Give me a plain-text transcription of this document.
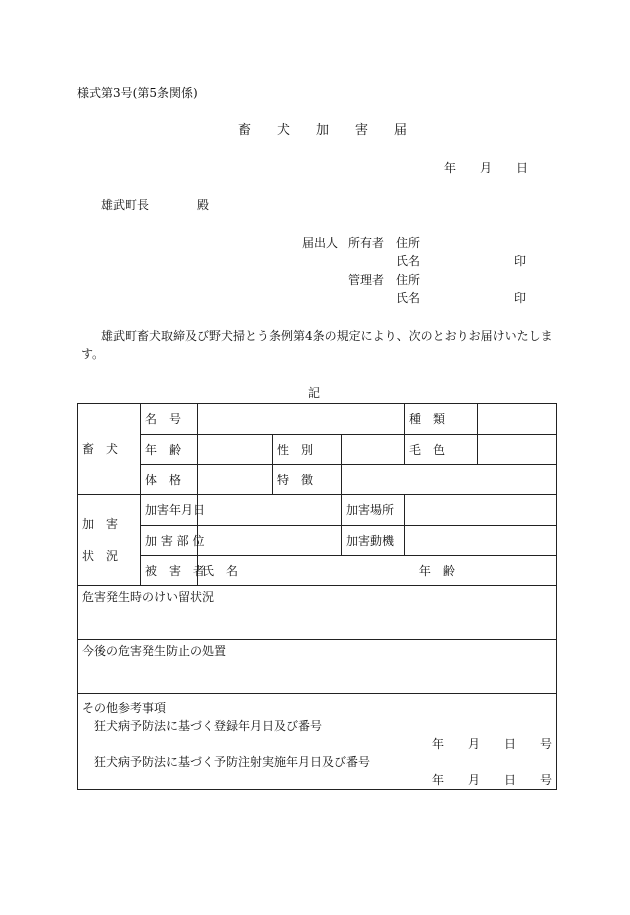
様式第3号(第5条関係)
畜　　犬　　加　　害　　届
年　　月　　日
雄武町長　　　　殿
届出人 所有者 住所
氏名	印
管理者 住所
氏名	印
雄武町畜犬取締及び野犬掃とう条例第4条の規定により、次のとおりお届けいたしま
す。
記
畜　犬	名　号				種　類	
	年　齢		性　別		毛　色	
	体　格		特　徴			

加　害
状　況	加害年月日			加害場所		
	加 害 部 位			加害動機		
	被　害　者	氏　名 年　齢				
危害発生時のけい留状況						
今後の危害発生防止の処置						

その他参考事項
狂犬病予防法に基づく登録年月日及び番号
年　　月　　日　　号
狂犬病予防法に基づく予防注射実施年月日及び番号
年　　月　　日　　号						
